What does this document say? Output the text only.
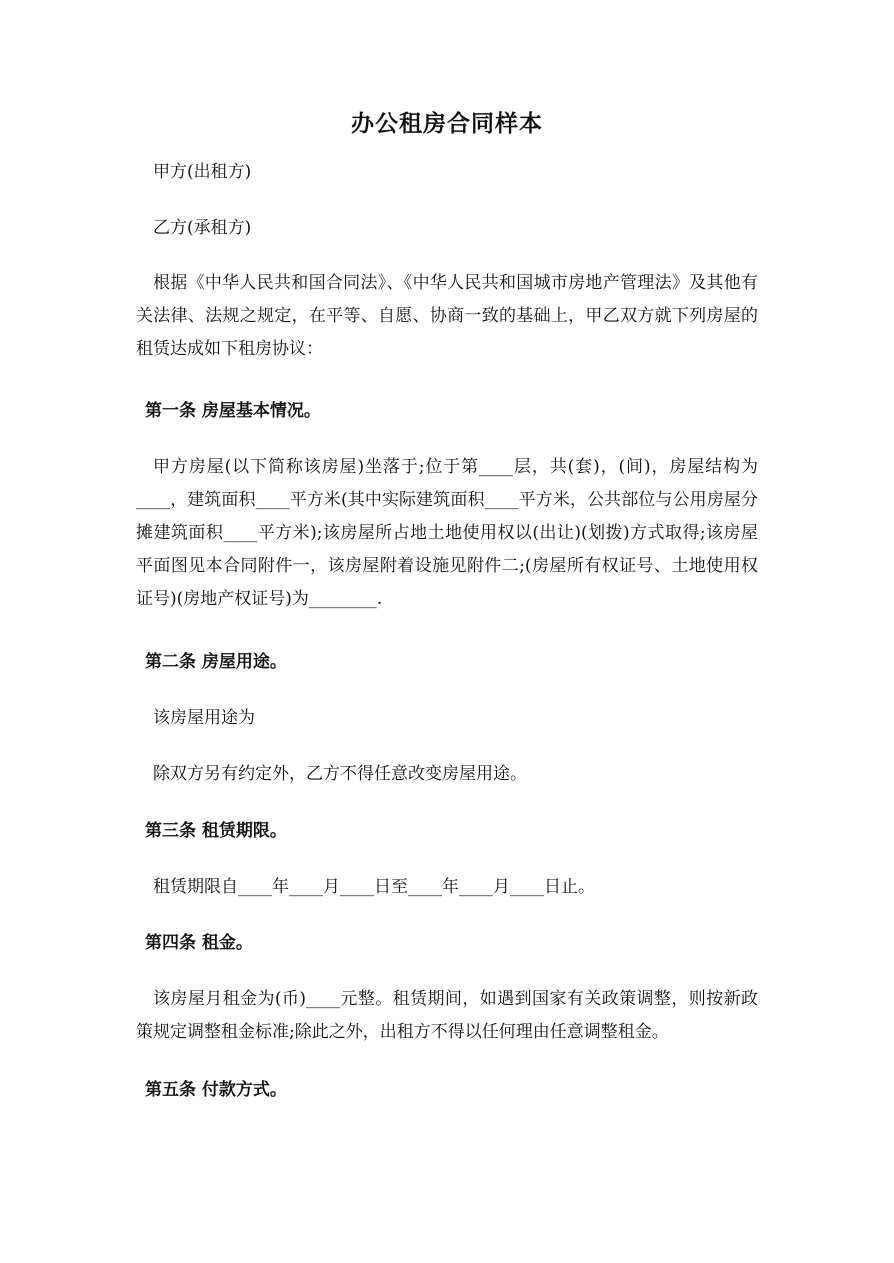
办公租房合同样本

甲方(出租方)

乙方(承租方)

根据《中华人民共和国合同法》、《中华人民共和国城市房地产管理法》及其他有关法律、法规之规定，在平等、自愿、协商一致的基础上，甲乙双方就下列房屋的租赁达成如下租房协议：

第一条 房屋基本情况。

甲方房屋(以下简称该房屋)坐落于;位于第____层，共(套)，(间)，房屋结构为____，建筑面积____平方米(其中实际建筑面积____平方米，公共部位与公用房屋分摊建筑面积____平方米);该房屋所占地土地使用权以(出让)(划拨)方式取得;该房屋平面图见本合同附件一，该房屋附着设施见附件二;(房屋所有权证号、土地使用权证号)(房地产权证号)为________.

第二条 房屋用途。

该房屋用途为

除双方另有约定外，乙方不得任意改变房屋用途。

第三条 租赁期限。

租赁期限自____年____月____日至____年____月____日止。

第四条 租金。

该房屋月租金为(币)____元整。租赁期间，如遇到国家有关政策调整，则按新政策规定调整租金标准;除此之外，出租方不得以任何理由任意调整租金。

第五条 付款方式。
